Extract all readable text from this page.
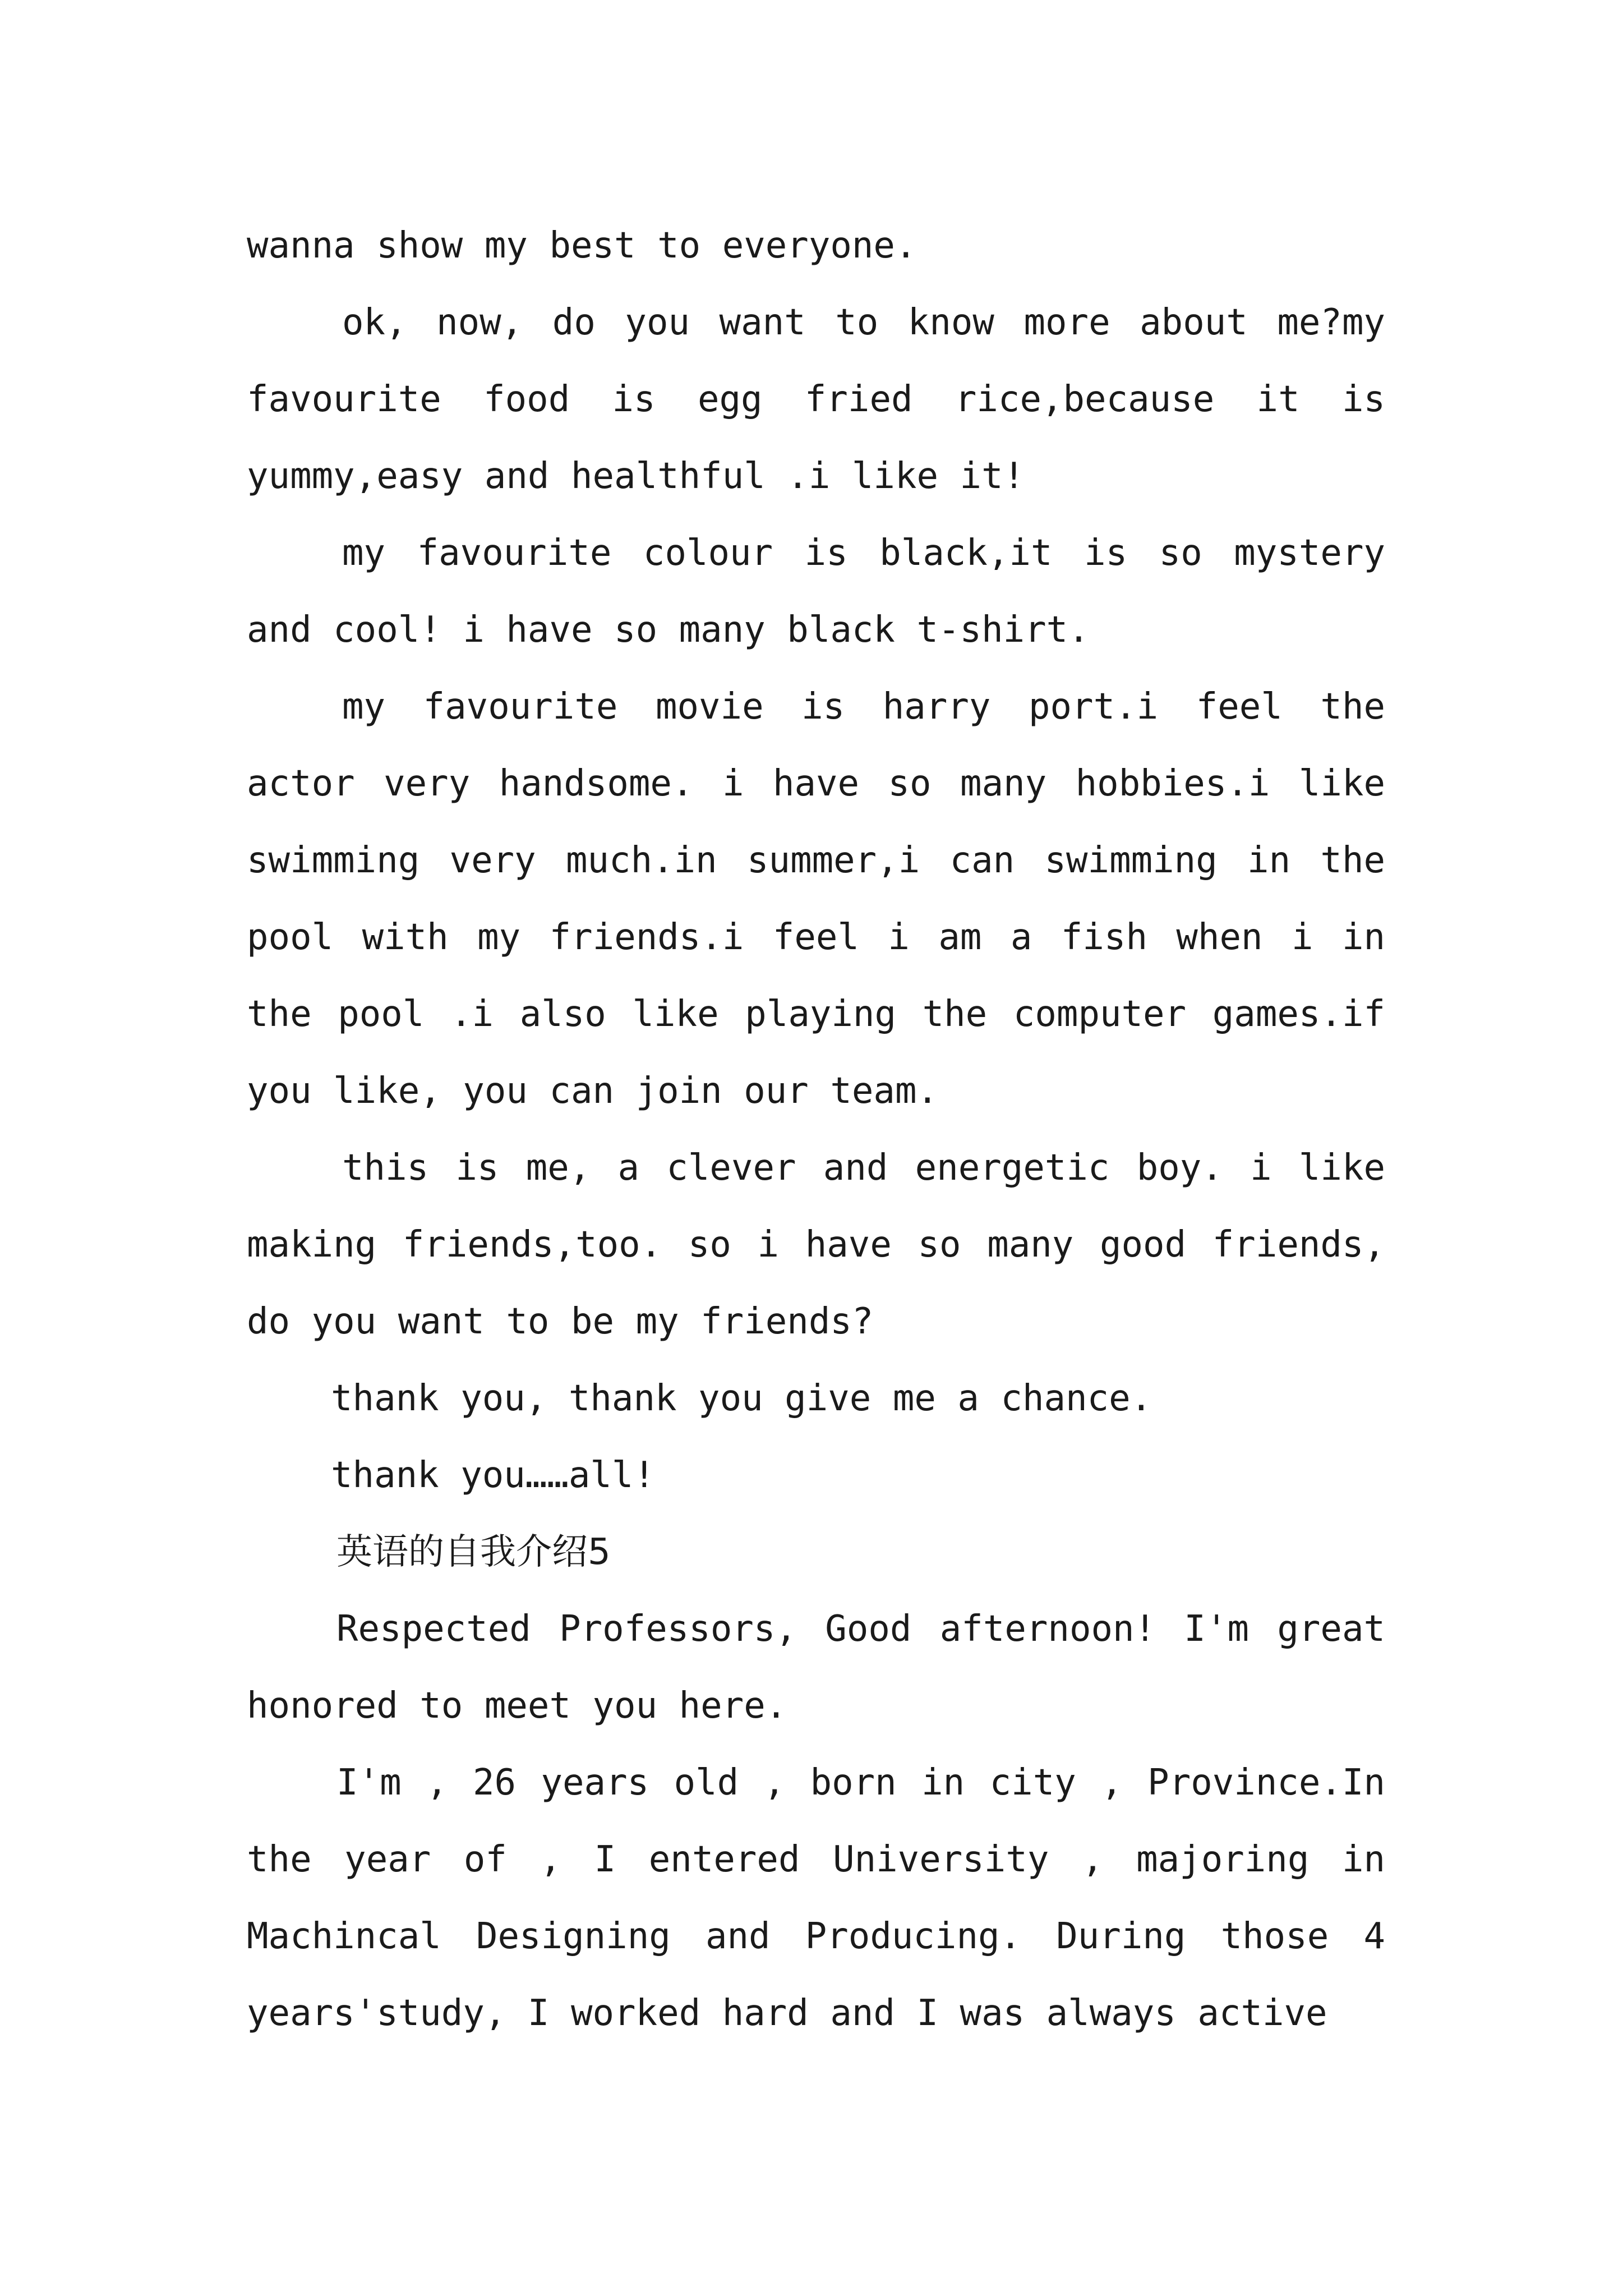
wanna show my best to everyone.

ok, now, do you want to know more about me?my favourite food is egg fried rice,because it is yummy,easy and healthful .i like it!

my favourite colour is black,it is so mystery and cool! i have so many black t-shirt.

my favourite movie is harry port.i feel the actor very handsome. i have so many hobbies.i like swimming very much.in summer,i can swimming in the pool with my friends.i feel i am a fish when i in the pool .i also like playing the computer games.if you like, you can join our team.

this is me, a clever and energetic boy. i like making friends,too. so i have so many good friends, do you want to be my friends?

thank you, thank you give me a chance.

thank you……all!

英语的自我介绍5

Respected Professors, Good afternoon! I'm great honored to meet you here.

I'm , 26 years old , born in city , Province.In the year of , I entered University , majoring in Machincal Designing and Producing. During those 4 years'study, I worked hard and I was always active
